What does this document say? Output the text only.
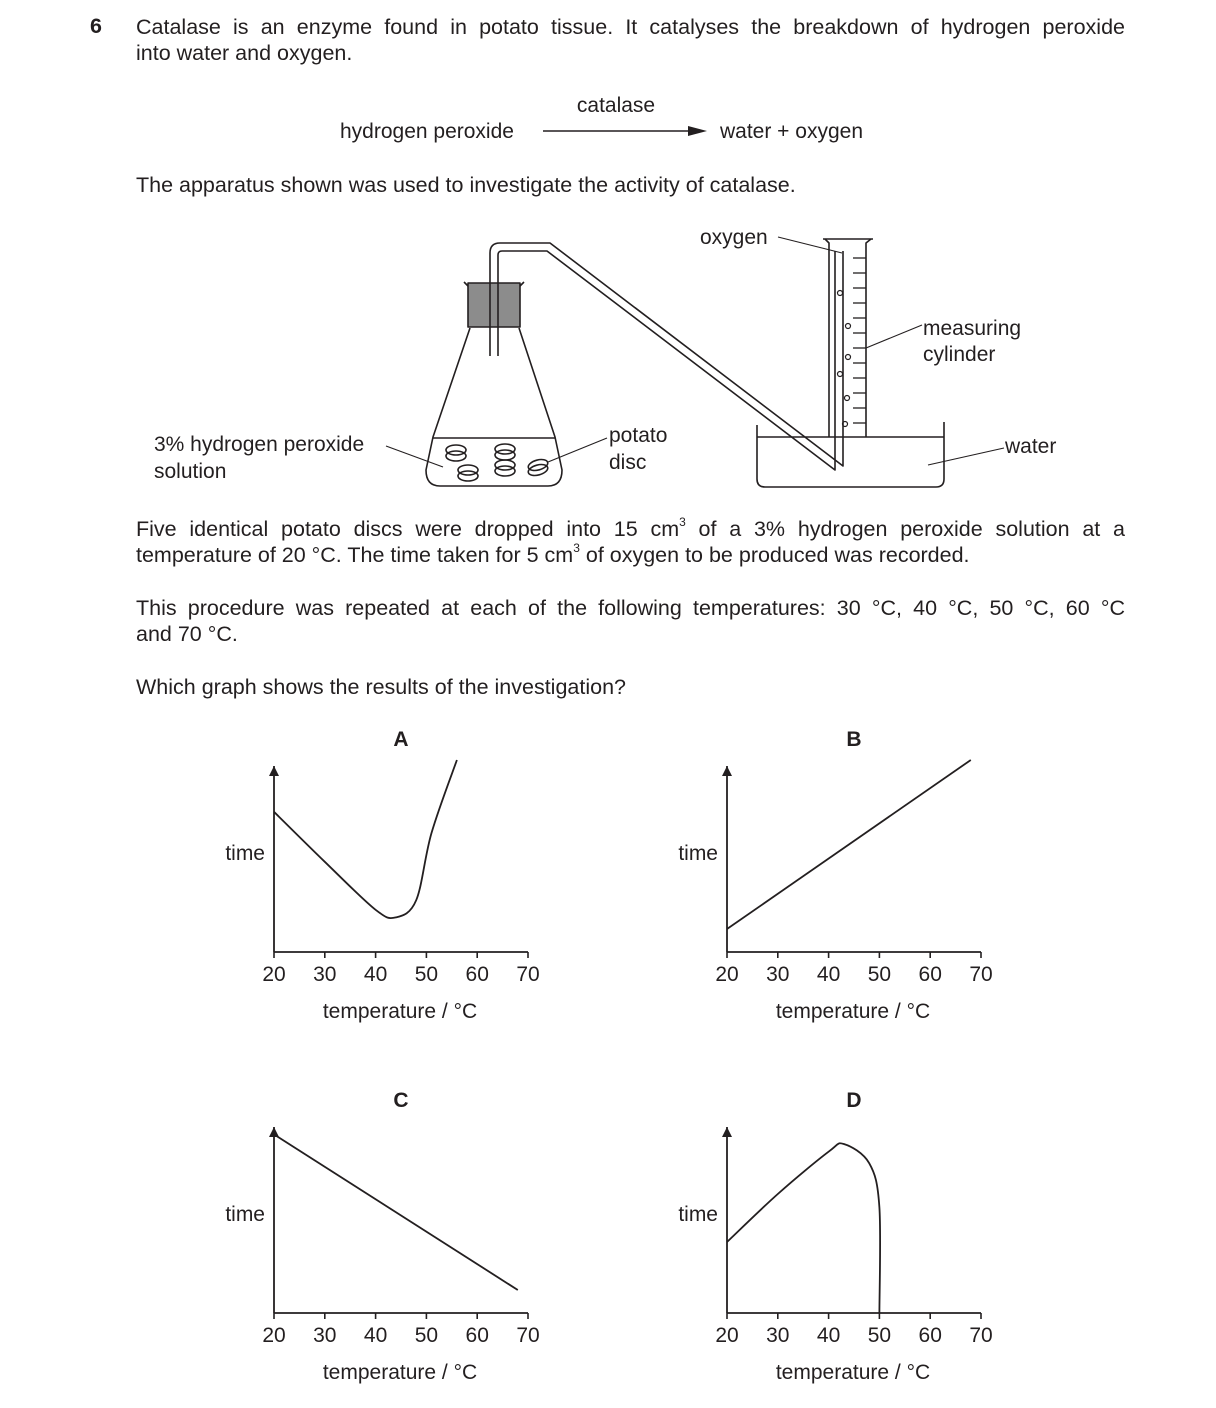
6 Catalase is an enzyme found in potato tissue. It catalyses the breakdown of hydrogen peroxide
into water and oxygen.
The apparatus shown was used to investigate the activity of catalase.
Five identical potato discs were dropped into 15 $cm^3$ of a 3% hydrogen peroxide solution at a
temperature of 20 °C. The time taken for 5 $cm^3$ of oxygen to be produced was recorded.
This procedure was repeated at each of the following temperatures: 30 °C, 40 °C, 50 °C, 60 °C
and 70 °C.
Which graph shows the results of the investigation?
catalase
hydrogen peroxide	water + oxygen
oxygen
measuring
cylinder
water
3% hydrogen peroxide
solution
potato
disc
A
20 30 40 50 60 70
time
temperature / °C
B
20 30 40 50 60 70
time
temperature / °C
C
20 30 40 50 60 70
time
temperature / °C
D
20 30 40 50 60 70
time
temperature / °C
